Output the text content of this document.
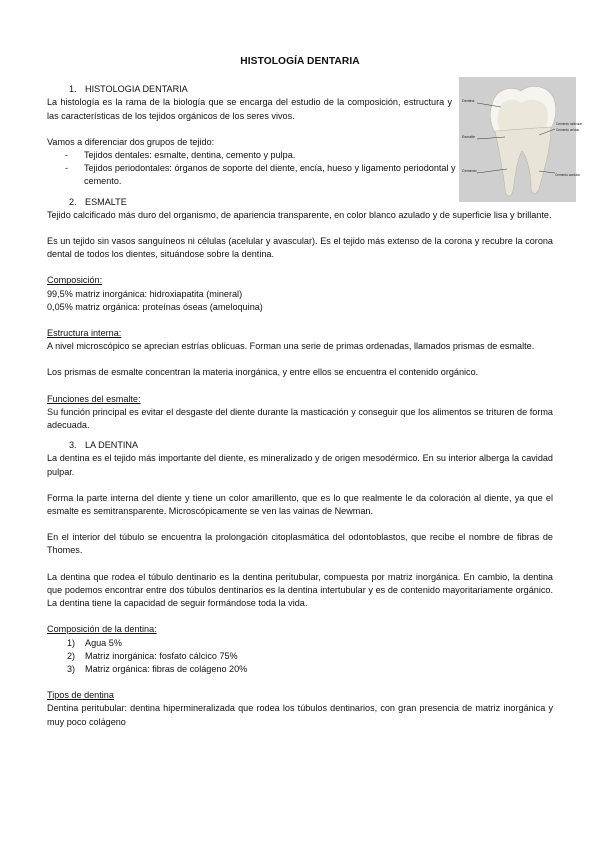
Dentina
Esmalte
Cemento
Cemento radicular
Cemento celular
Cemento acelular
HISTOLOGÍA DENTARIA
1. HISTOLOGIA DENTARIA

La histología es la rama de la biología que se encarga del estudio de la composición, estructura y las características de los tejidos orgánicos de los seres vivos.

Vamos a diferenciar dos grupos de tejido:

- Tejidos dentales: esmalte, dentina, cemento y pulpa.
- Tejidos periodontales: órganos de soporte del diente, encía, hueso y ligamento periodontal y cemento.
2. ESMALTE

Tejido calcificado más duro del organismo, de apariencia transparente, en color blanco azulado y de superficie lisa y brillante.

Es un tejido sin vasos sanguíneos ni células (acelular y avascular). Es el tejido más extenso de la corona y recubre la corona dental de todos los dientes, situándose sobre la dentina.

Composición:

99,5% matriz inorgánica: hidroxiapatita (mineral)

0,05% matriz orgánica: proteínas óseas (ameloquina)

Estructura interna:

A nivel microscópico se aprecian estrías oblicuas. Forman una serie de primas ordenadas, llamados prismas de esmalte.

Los prismas de esmalte concentran la materia inorgánica, y entre ellos se encuentra el contenido orgánico.

Funciones del esmalte:

Su función principal es evitar el desgaste del diente durante la masticación y conseguir que los alimentos se trituren de forma adecuada.

3. LA DENTINA

La dentina es el tejido más importante del diente, es mineralizado y de origen mesodérmico. En su interior alberga la cavidad pulpar.

Forma la parte interna del diente y tiene un color amarillento, que es lo que realmente le da coloración al diente, ya que el esmalte es semitransparente. Microscópicamente se ven las vainas de Newman.

En el interior del túbulo se encuentra la prolongación citoplasmática del odontoblastos, que recibe el nombre de fibras de Thomes.

La dentina que rodea el túbulo dentinario es la dentina peritubular, compuesta por matriz inorgánica. En cambio, la dentina que podemos encontrar entre dos túbulos dentinarios es la dentina intertubular y es de contenido mayoritariamente orgánico. La dentina tiene la capacidad de seguir formándose toda la vida.

Composición de la dentina:

1) Agua 5%
2) Matriz inorgánica: fosfato cálcico 75%
3) Matriz orgánica: fibras de colágeno 20%

Tipos de dentina

Dentina peritubular: dentina hipermineralizada que rodea los túbulos dentinarios, con gran presencia de matriz inorgánica y muy poco colágeno
